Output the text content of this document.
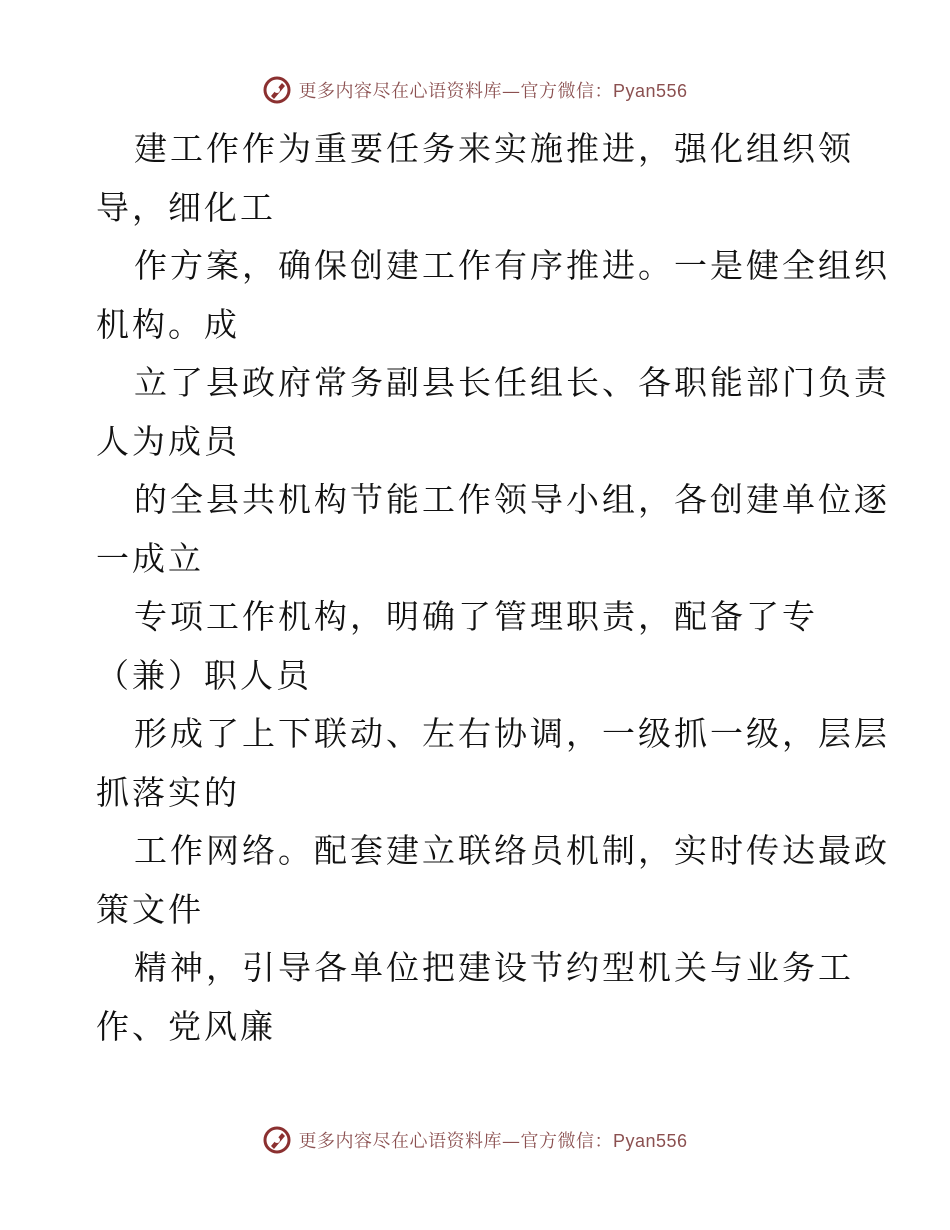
更多内容尽在心语资料库—官方微信：Pyan556
建工作作为重要任务来实施推进，强化组织领
导，细化工
作方案，确保创建工作有序推进。一是健全组织
机构。成
立了县政府常务副县长任组长、各职能部门负责
人为成员
的全县共机构节能工作领导小组，各创建单位逐
一成立
专项工作机构，明确了管理职责，配备了专
（兼）职人员
形成了上下联动、左右协调，一级抓一级，层层
抓落实的
工作网络。配套建立联络员机制，实时传达最政
策文件
精神，引导各单位把建设节约型机关与业务工
作、党风廉
更多内容尽在心语资料库—官方微信：Pyan556
